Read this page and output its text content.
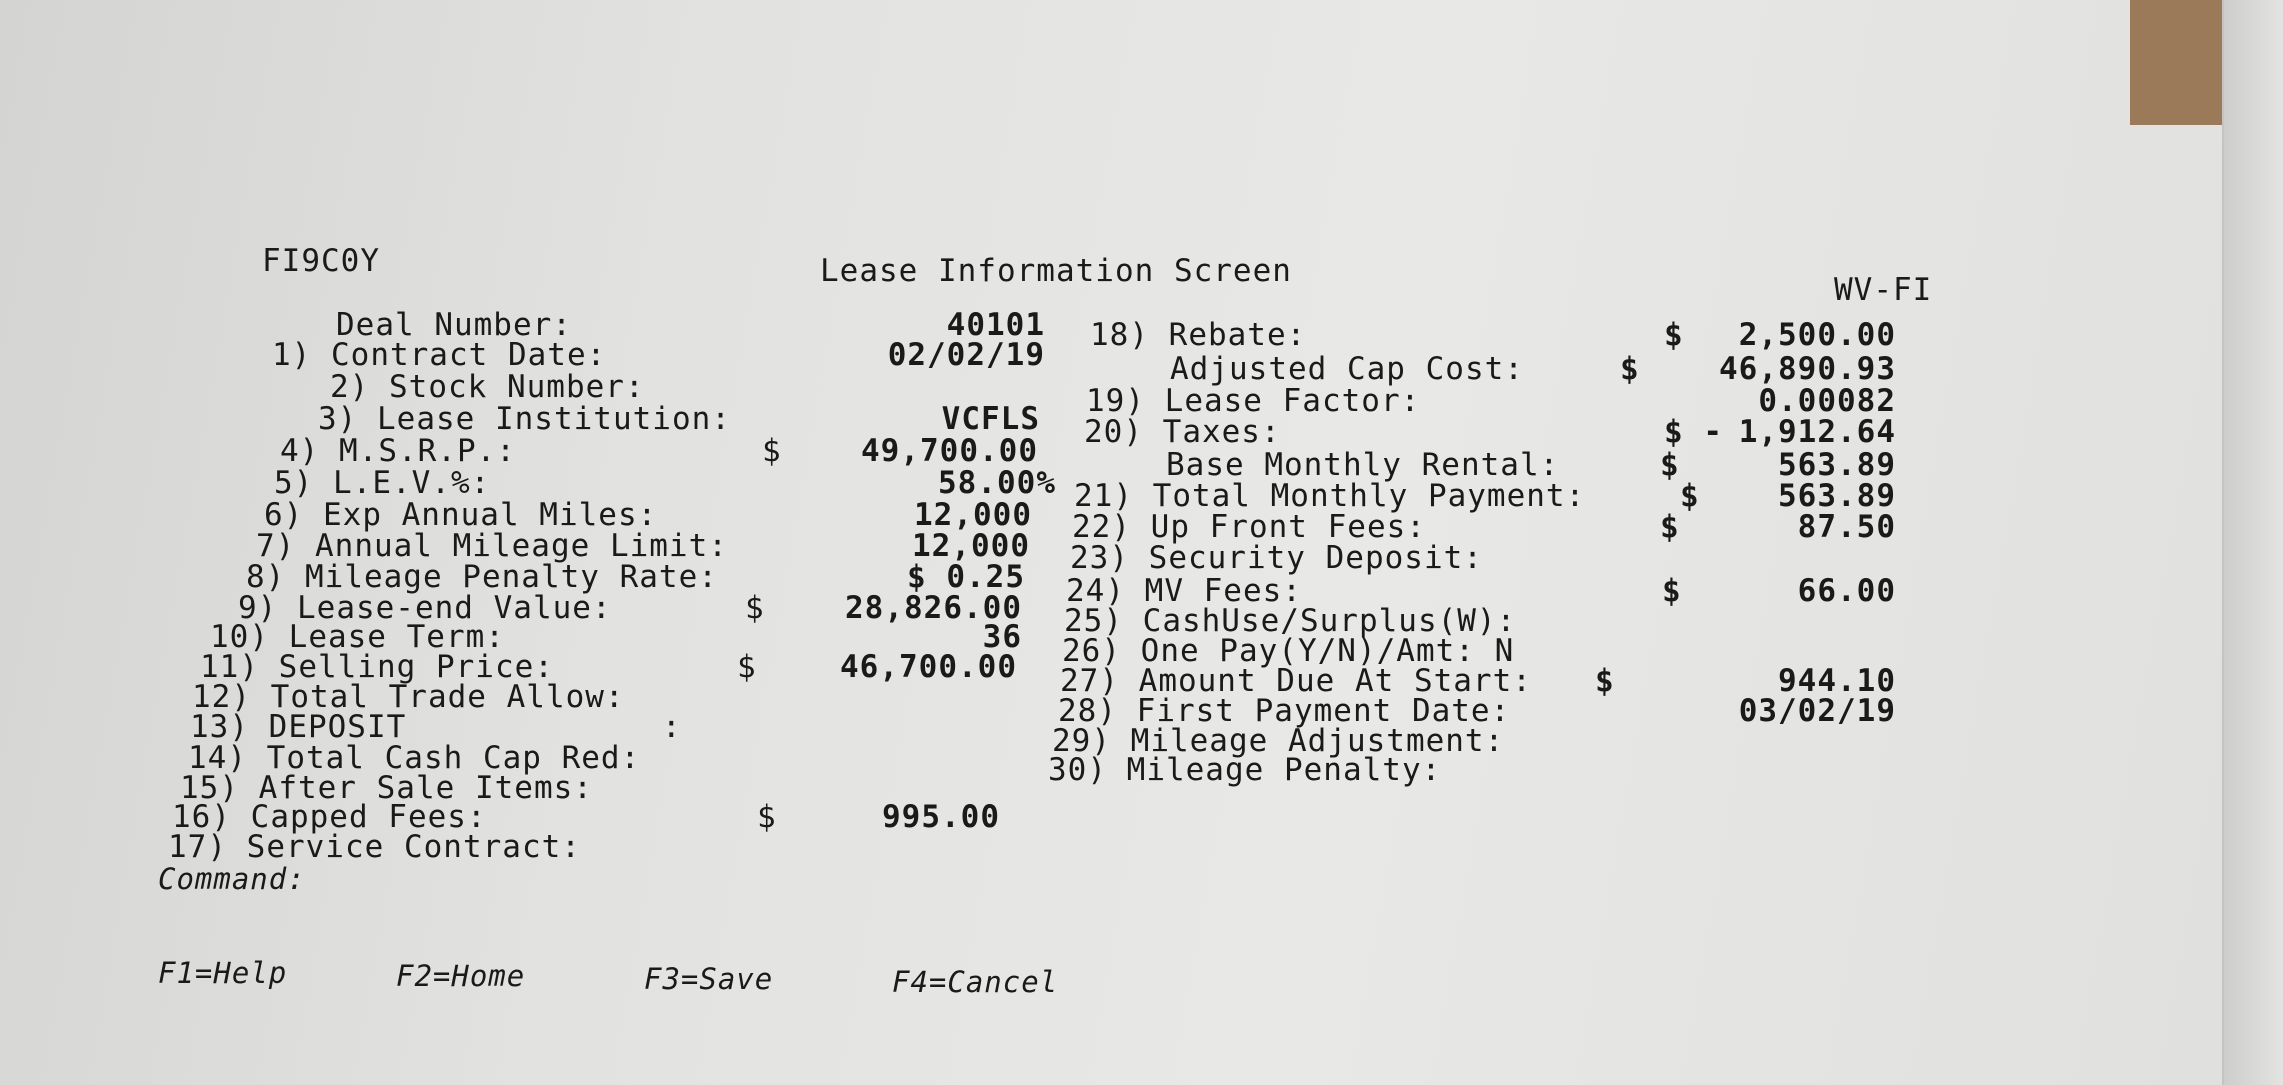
FI9C0Y	Lease Information Screen
WV-FI
Deal Number:	40101
1) Contract Date:	02/02/19
2) Stock Number:
3) Lease Institution:	VCFLS
4) M.S.R.P.:	$	49,700.00
5) L.E.V.%:	58.00%
6) Exp Annual Miles:	12,000
7) Annual Mileage Limit:	12,000
8) Mileage Penalty Rate:	$ 0.25
9) Lease-end Value:	$	28,826.00
10) Lease Term:	36
11) Selling Price:	$	46,700.00
12) Total Trade Allow:
13) DEPOSIT	:
14) Total Cash Cap Red:
15) After Sale Items:
16) Capped Fees:	$	995.00
17) Service Contract:
18) Rebate:	$ 2,500.00
Adjusted Cap Cost:	$	46,890.93
19) Lease Factor:	0.00082
20) Taxes:	$ - 1,912.64
Base Monthly Rental:	$	563.89
21) Total Monthly Payment:	$	563.89
22) Up Front Fees:	$	87.50
23) Security Deposit:
24) MV Fees:	$	66.00
25) CashUse/Surplus(W):
26) One Pay(Y/N)/Amt: N
27) Amount Due At Start: $	944.10
28) First Payment Date:	03/02/19
29) Mileage Adjustment:
30) Mileage Penalty:
Command:
F1=Help	F2=Home	F3=Save	F4=Cancel
